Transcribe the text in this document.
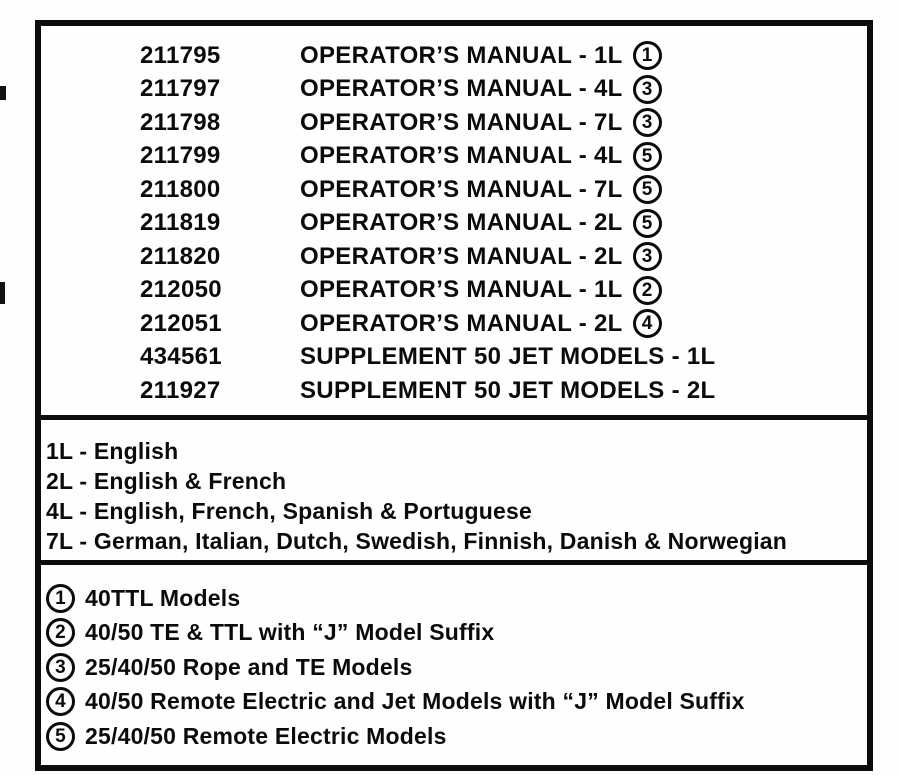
211795	OPERATOR’S MANUAL - 1L 1
211797	OPERATOR’S MANUAL - 4L 3
211798	OPERATOR’S MANUAL - 7L 3
211799	OPERATOR’S MANUAL - 4L 5
211800	OPERATOR’S MANUAL - 7L 5
211819	OPERATOR’S MANUAL - 2L 5
211820	OPERATOR’S MANUAL - 2L 3
212050	OPERATOR’S MANUAL - 1L 2
212051	OPERATOR’S MANUAL - 2L 4
434561	SUPPLEMENT 50 JET MODELS - 1L
211927	SUPPLEMENT 50 JET MODELS - 2L
1L - English
2L - English & French
4L - English, French, Spanish & Portuguese
7L - German, Italian, Dutch, Swedish, Finnish, Danish & Norwegian
1 40TTL Models
2 40/50 TE & TTL with “J” Model Suffix
3 25/40/50 Rope and TE Models
4 40/50 Remote Electric and Jet Models with “J” Model Suffix
5 25/40/50 Remote Electric Models
